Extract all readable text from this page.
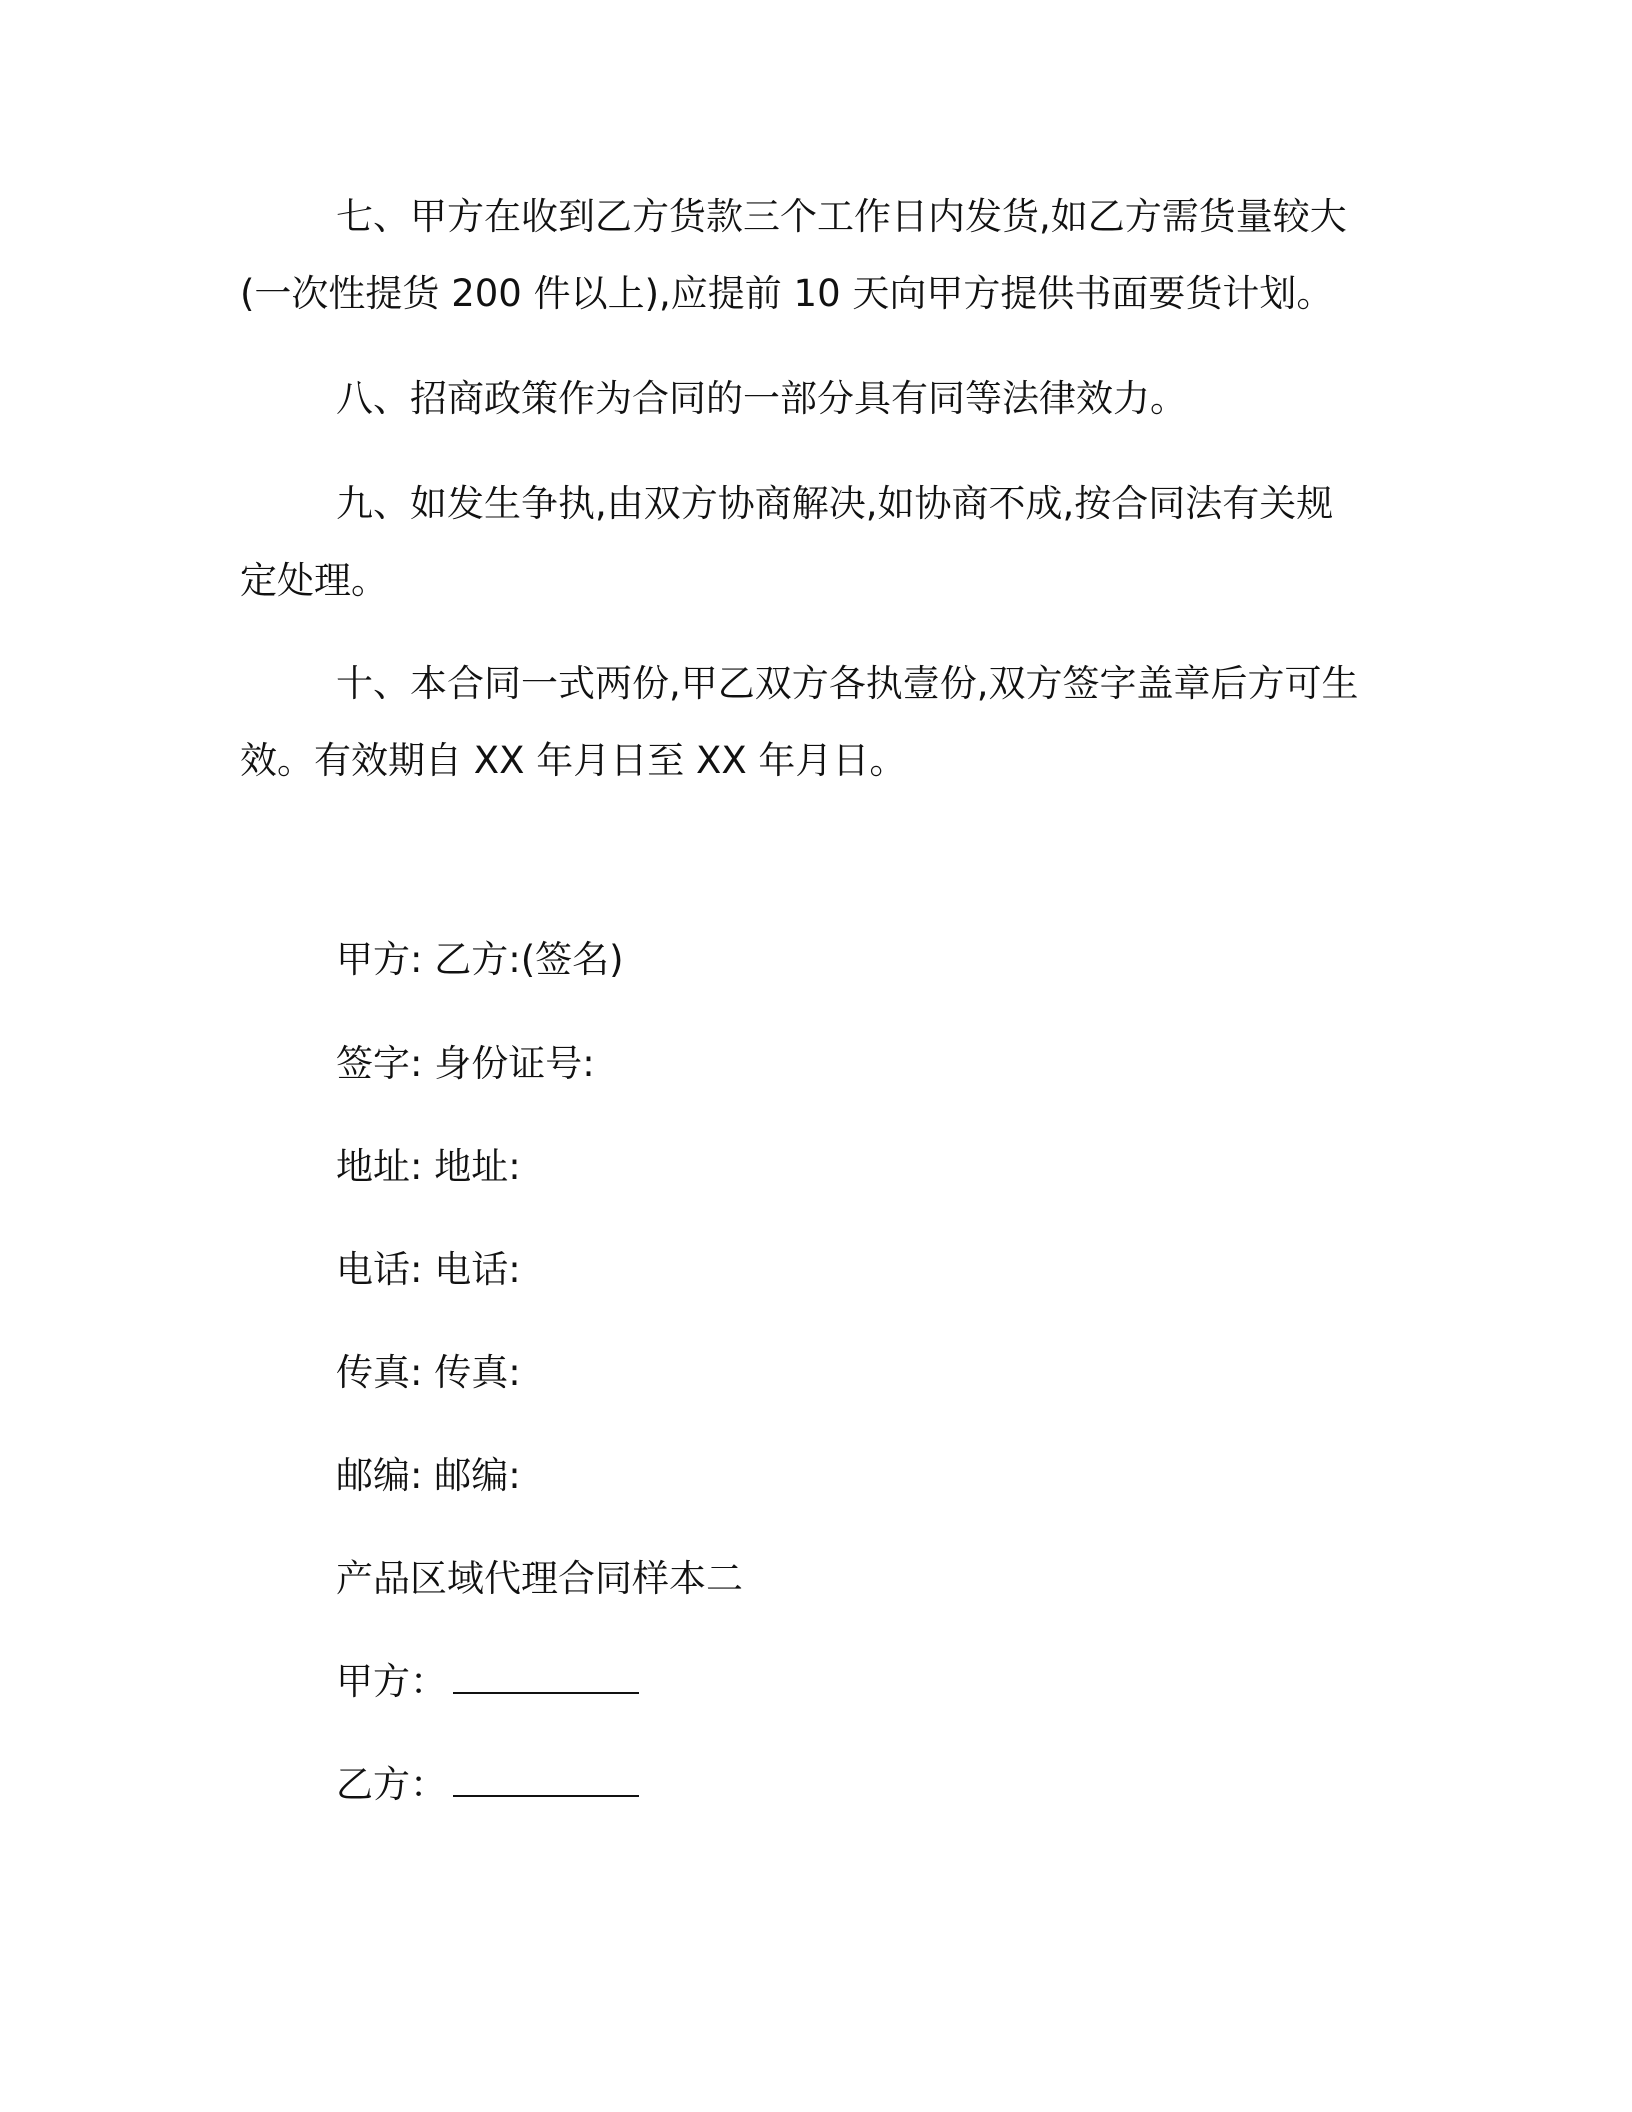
七、甲方在收到乙方货款三个工作日内发货,如乙方需货量较大(一次性提货 200 件以上),应提前 10 天向甲方提供书面要货计划。

八、招商政策作为合同的一部分具有同等法律效力。

九、如发生争执,由双方协商解决,如协商不成,按合同法有关规定处理。

十、本合同一式两份,甲乙双方各执壹份,双方签字盖章后方可生效。有效期自 XX 年月日至 XX 年月日。

甲方: 乙方:(签名)
签字: 身份证号:
地址: 地址:
电话: 电话:
传真: 传真:
邮编: 邮编:
产品区域代理合同样本二
甲方：
乙方：
